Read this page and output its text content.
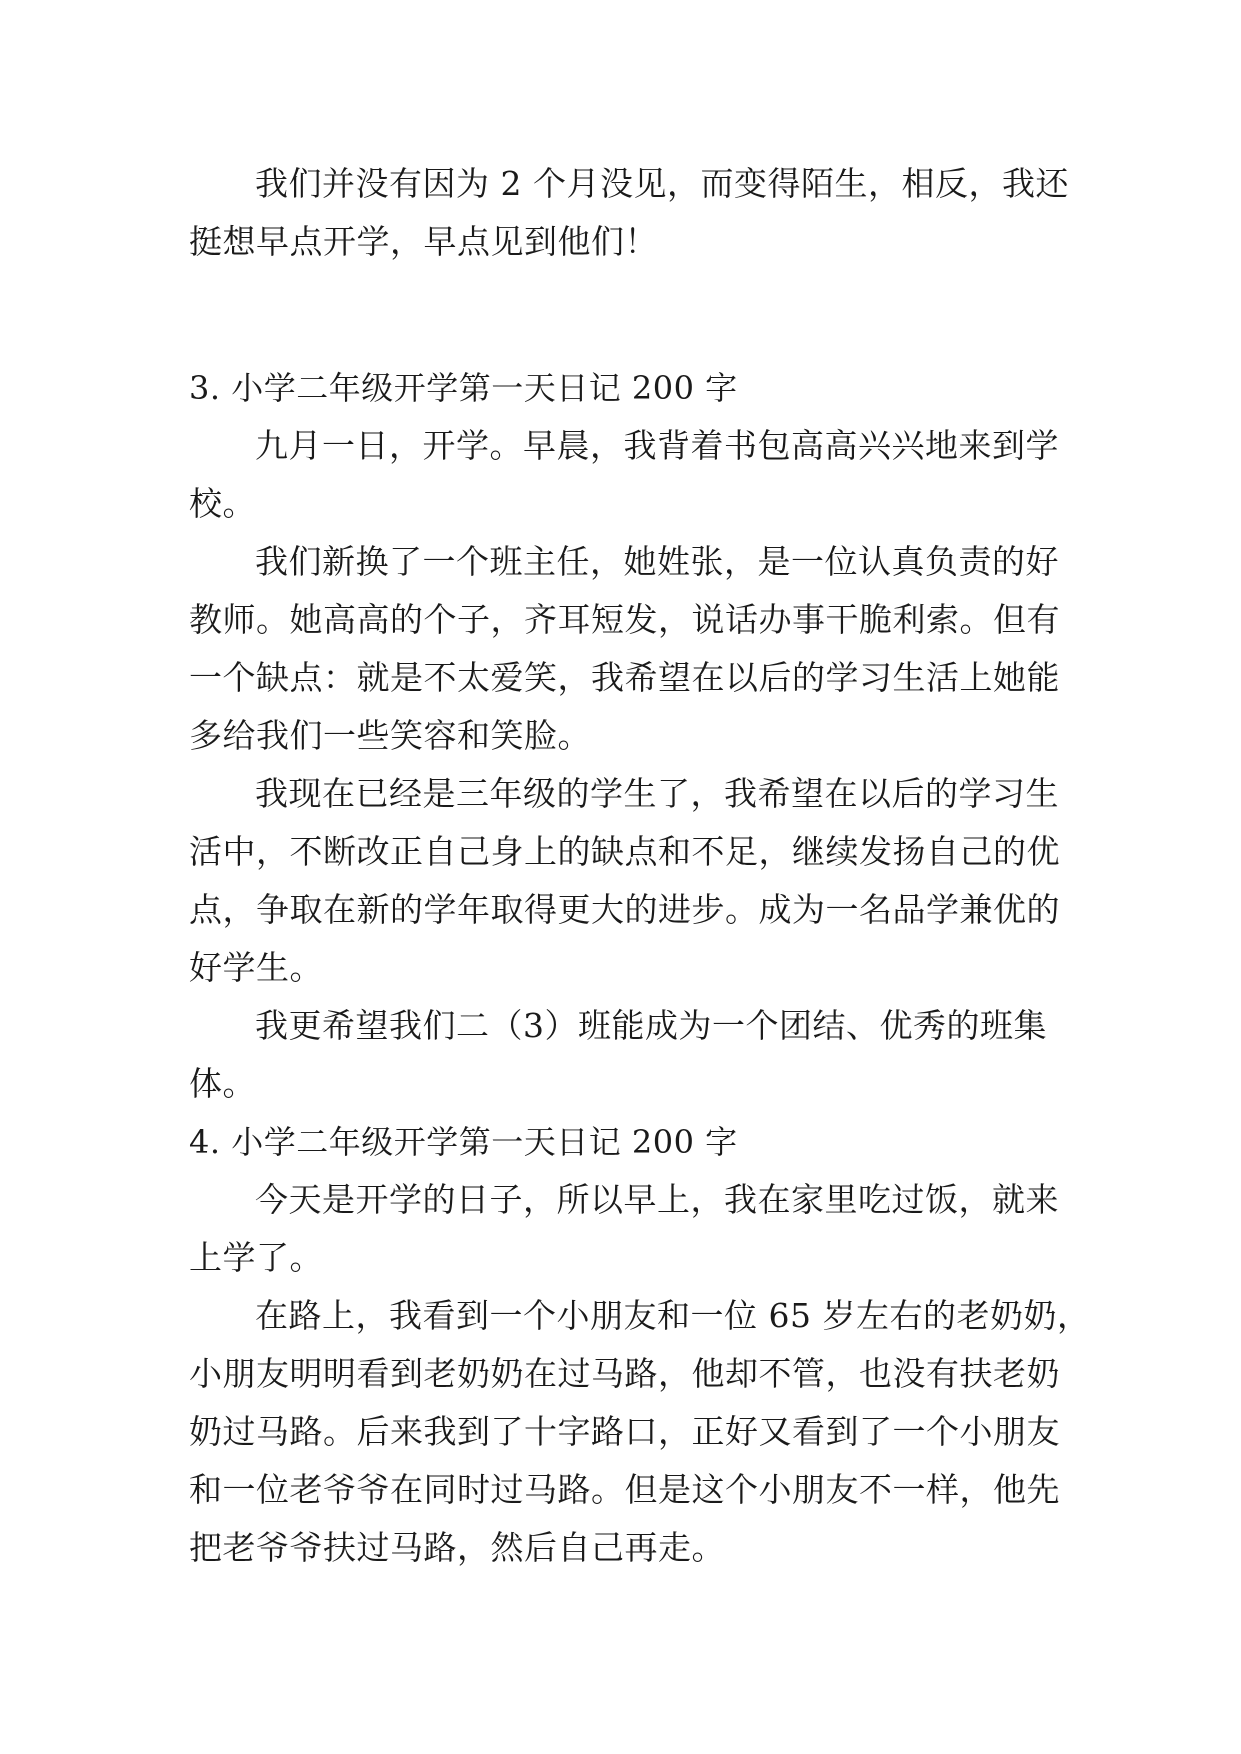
我们并没有因为 2 个月没见，而变得陌生，相反，我还
挺想早点开学，早点见到他们！
3. 小学二年级开学第一天日记 200 字
九月一日，开学。早晨，我背着书包高高兴兴地来到学
校。
我们新换了一个班主任，她姓张，是一位认真负责的好
教师。她高高的个子，齐耳短发，说话办事干脆利索。但有
一个缺点：就是不太爱笑，我希望在以后的学习生活上她能
多给我们一些笑容和笑脸。
我现在已经是三年级的学生了，我希望在以后的学习生
活中，不断改正自己身上的缺点和不足，继续发扬自己的优
点，争取在新的学年取得更大的进步。成为一名品学兼优的
好学生。
我更希望我们二（3）班能成为一个团结、优秀的班集
体。
4. 小学二年级开学第一天日记 200 字
今天是开学的日子，所以早上，我在家里吃过饭，就来
上学了。
在路上，我看到一个小朋友和一位 65 岁左右的老奶奶，
小朋友明明看到老奶奶在过马路，他却不管，也没有扶老奶
奶过马路。后来我到了十字路口，正好又看到了一个小朋友
和一位老爷爷在同时过马路。但是这个小朋友不一样，他先
把老爷爷扶过马路，然后自己再走。
